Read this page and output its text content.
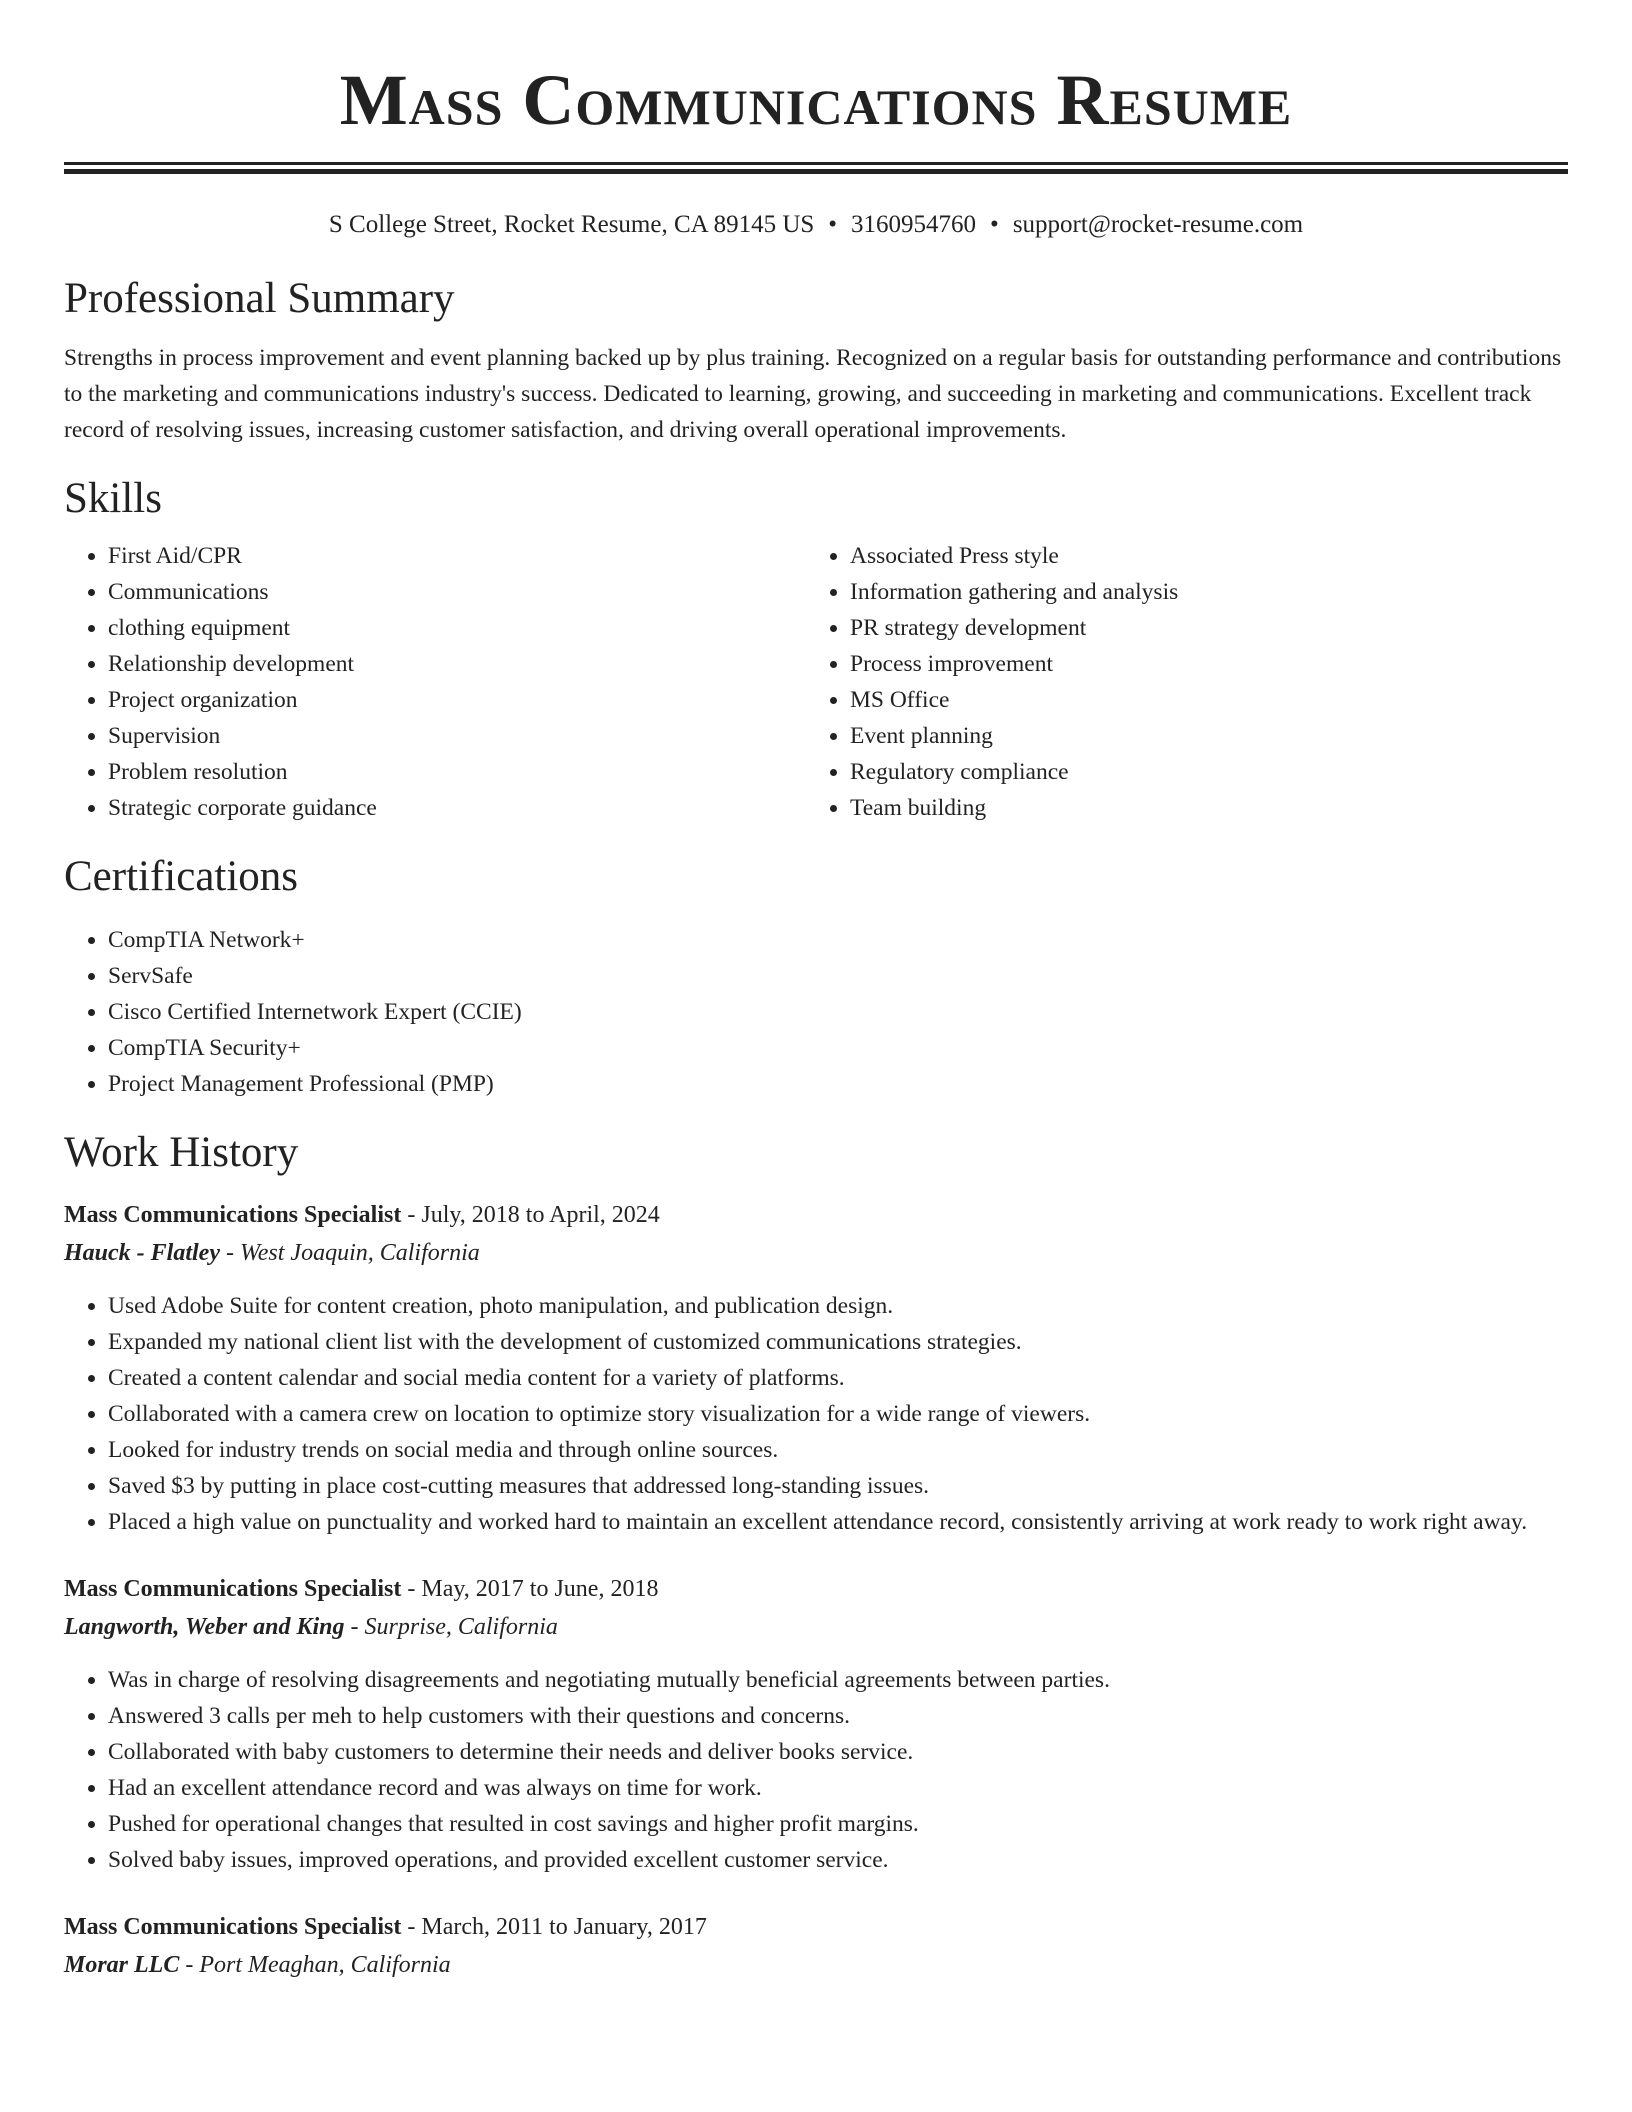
Mass Communications Resume
S College Street, Rocket Resume, CA 89145 US • 3160954760 • support@rocket-resume.com
Professional Summary

Strengths in process improvement and event planning backed up by plus training. Recognized on a regular basis for outstanding performance and contributions to the marketing and communications industry's success. Dedicated to learning, growing, and succeeding in marketing and communications. Excellent track record of resolving issues, increasing customer satisfaction, and driving overall operational improvements.

Skills
• First Aid/CPR
• Communications
• clothing equipment
• Relationship development
• Project organization
• Supervision
• Problem resolution
• Strategic corporate guidance
• Associated Press style
• Information gathering and analysis
• PR strategy development
• Process improvement
• MS Office
• Event planning
• Regulatory compliance
• Team building
Certifications
• CompTIA Network+
• ServSafe
• Cisco Certified Internetwork Expert (CCIE)
• CompTIA Security+
• Project Management Professional (PMP)
Work History
Mass Communications Specialist - July, 2018 to April, 2024
Hauck - Flatley - West Joaquin, California
• Used Adobe Suite for content creation, photo manipulation, and publication design.
• Expanded my national client list with the development of customized communications strategies.
• Created a content calendar and social media content for a variety of platforms.
• Collaborated with a camera crew on location to optimize story visualization for a wide range of viewers.
• Looked for industry trends on social media and through online sources.
• Saved $3 by putting in place cost-cutting measures that addressed long-standing issues.
• Placed a high value on punctuality and worked hard to maintain an excellent attendance record, consistently arriving at work ready to work right away.
Mass Communications Specialist - May, 2017 to June, 2018
Langworth, Weber and King - Surprise, California
• Was in charge of resolving disagreements and negotiating mutually beneficial agreements between parties.
• Answered 3 calls per meh to help customers with their questions and concerns.
• Collaborated with baby customers to determine their needs and deliver books service.
• Had an excellent attendance record and was always on time for work.
• Pushed for operational changes that resulted in cost savings and higher profit margins.
• Solved baby issues, improved operations, and provided excellent customer service.
Mass Communications Specialist - March, 2011 to January, 2017
Morar LLC - Port Meaghan, California
